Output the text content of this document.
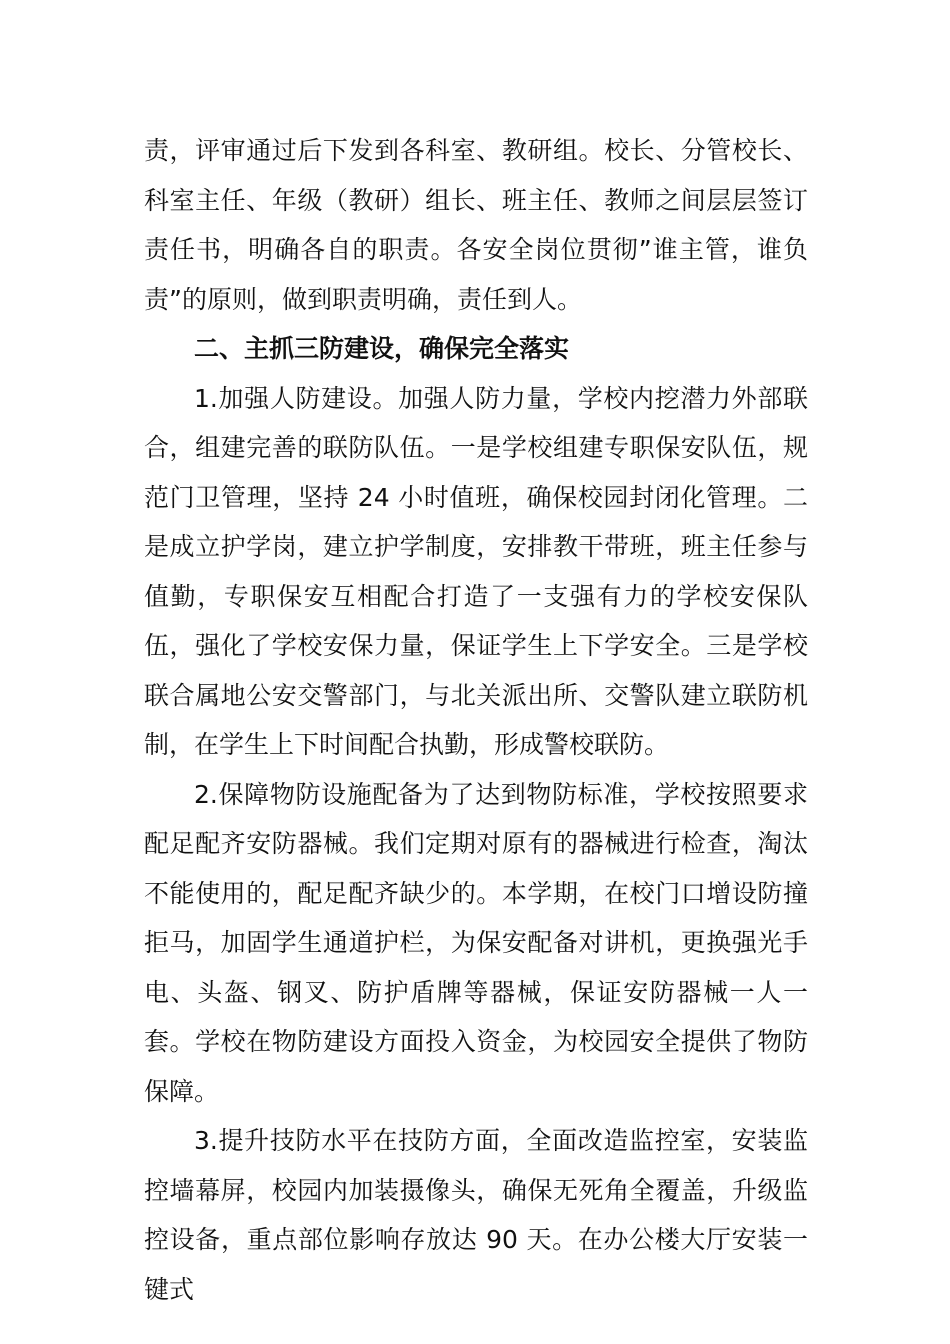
责，评审通过后下发到各科室、教研组。校长、分管校长、科室主任、年级（教研）组长、班主任、教师之间层层签订责任书，明确各自的职责。各安全岗位贯彻”谁主管，谁负责”的原则，做到职责明确，责任到人。

二、主抓三防建设，确保完全落实

1.加强人防建设。加强人防力量，学校内挖潜力外部联合，组建完善的联防队伍。一是学校组建专职保安队伍，规范门卫管理，坚持 24 小时值班，确保校园封闭化管理。二是成立护学岗，建立护学制度，安排教干带班，班主任参与值勤，专职保安互相配合打造了一支强有力的学校安保队伍，强化了学校安保力量，保证学生上下学安全。三是学校联合属地公安交警部门，与北关派出所、交警队建立联防机制，在学生上下时间配合执勤，形成警校联防。

2.保障物防设施配备为了达到物防标准，学校按照要求配足配齐安防器械。我们定期对原有的器械进行检查，淘汰不能使用的，配足配齐缺少的。本学期，在校门口增设防撞拒马，加固学生通道护栏，为保安配备对讲机，更换强光手电、头盔、钢叉、防护盾牌等器械，保证安防器械一人一套。学校在物防建设方面投入资金，为校园安全提供了物防保障。

3.提升技防水平在技防方面，全面改造监控室，安装监控墙幕屏，校园内加装摄像头，确保无死角全覆盖，升级监控设备，重点部位影响存放达 90 天。在办公楼大厅安装一键式
